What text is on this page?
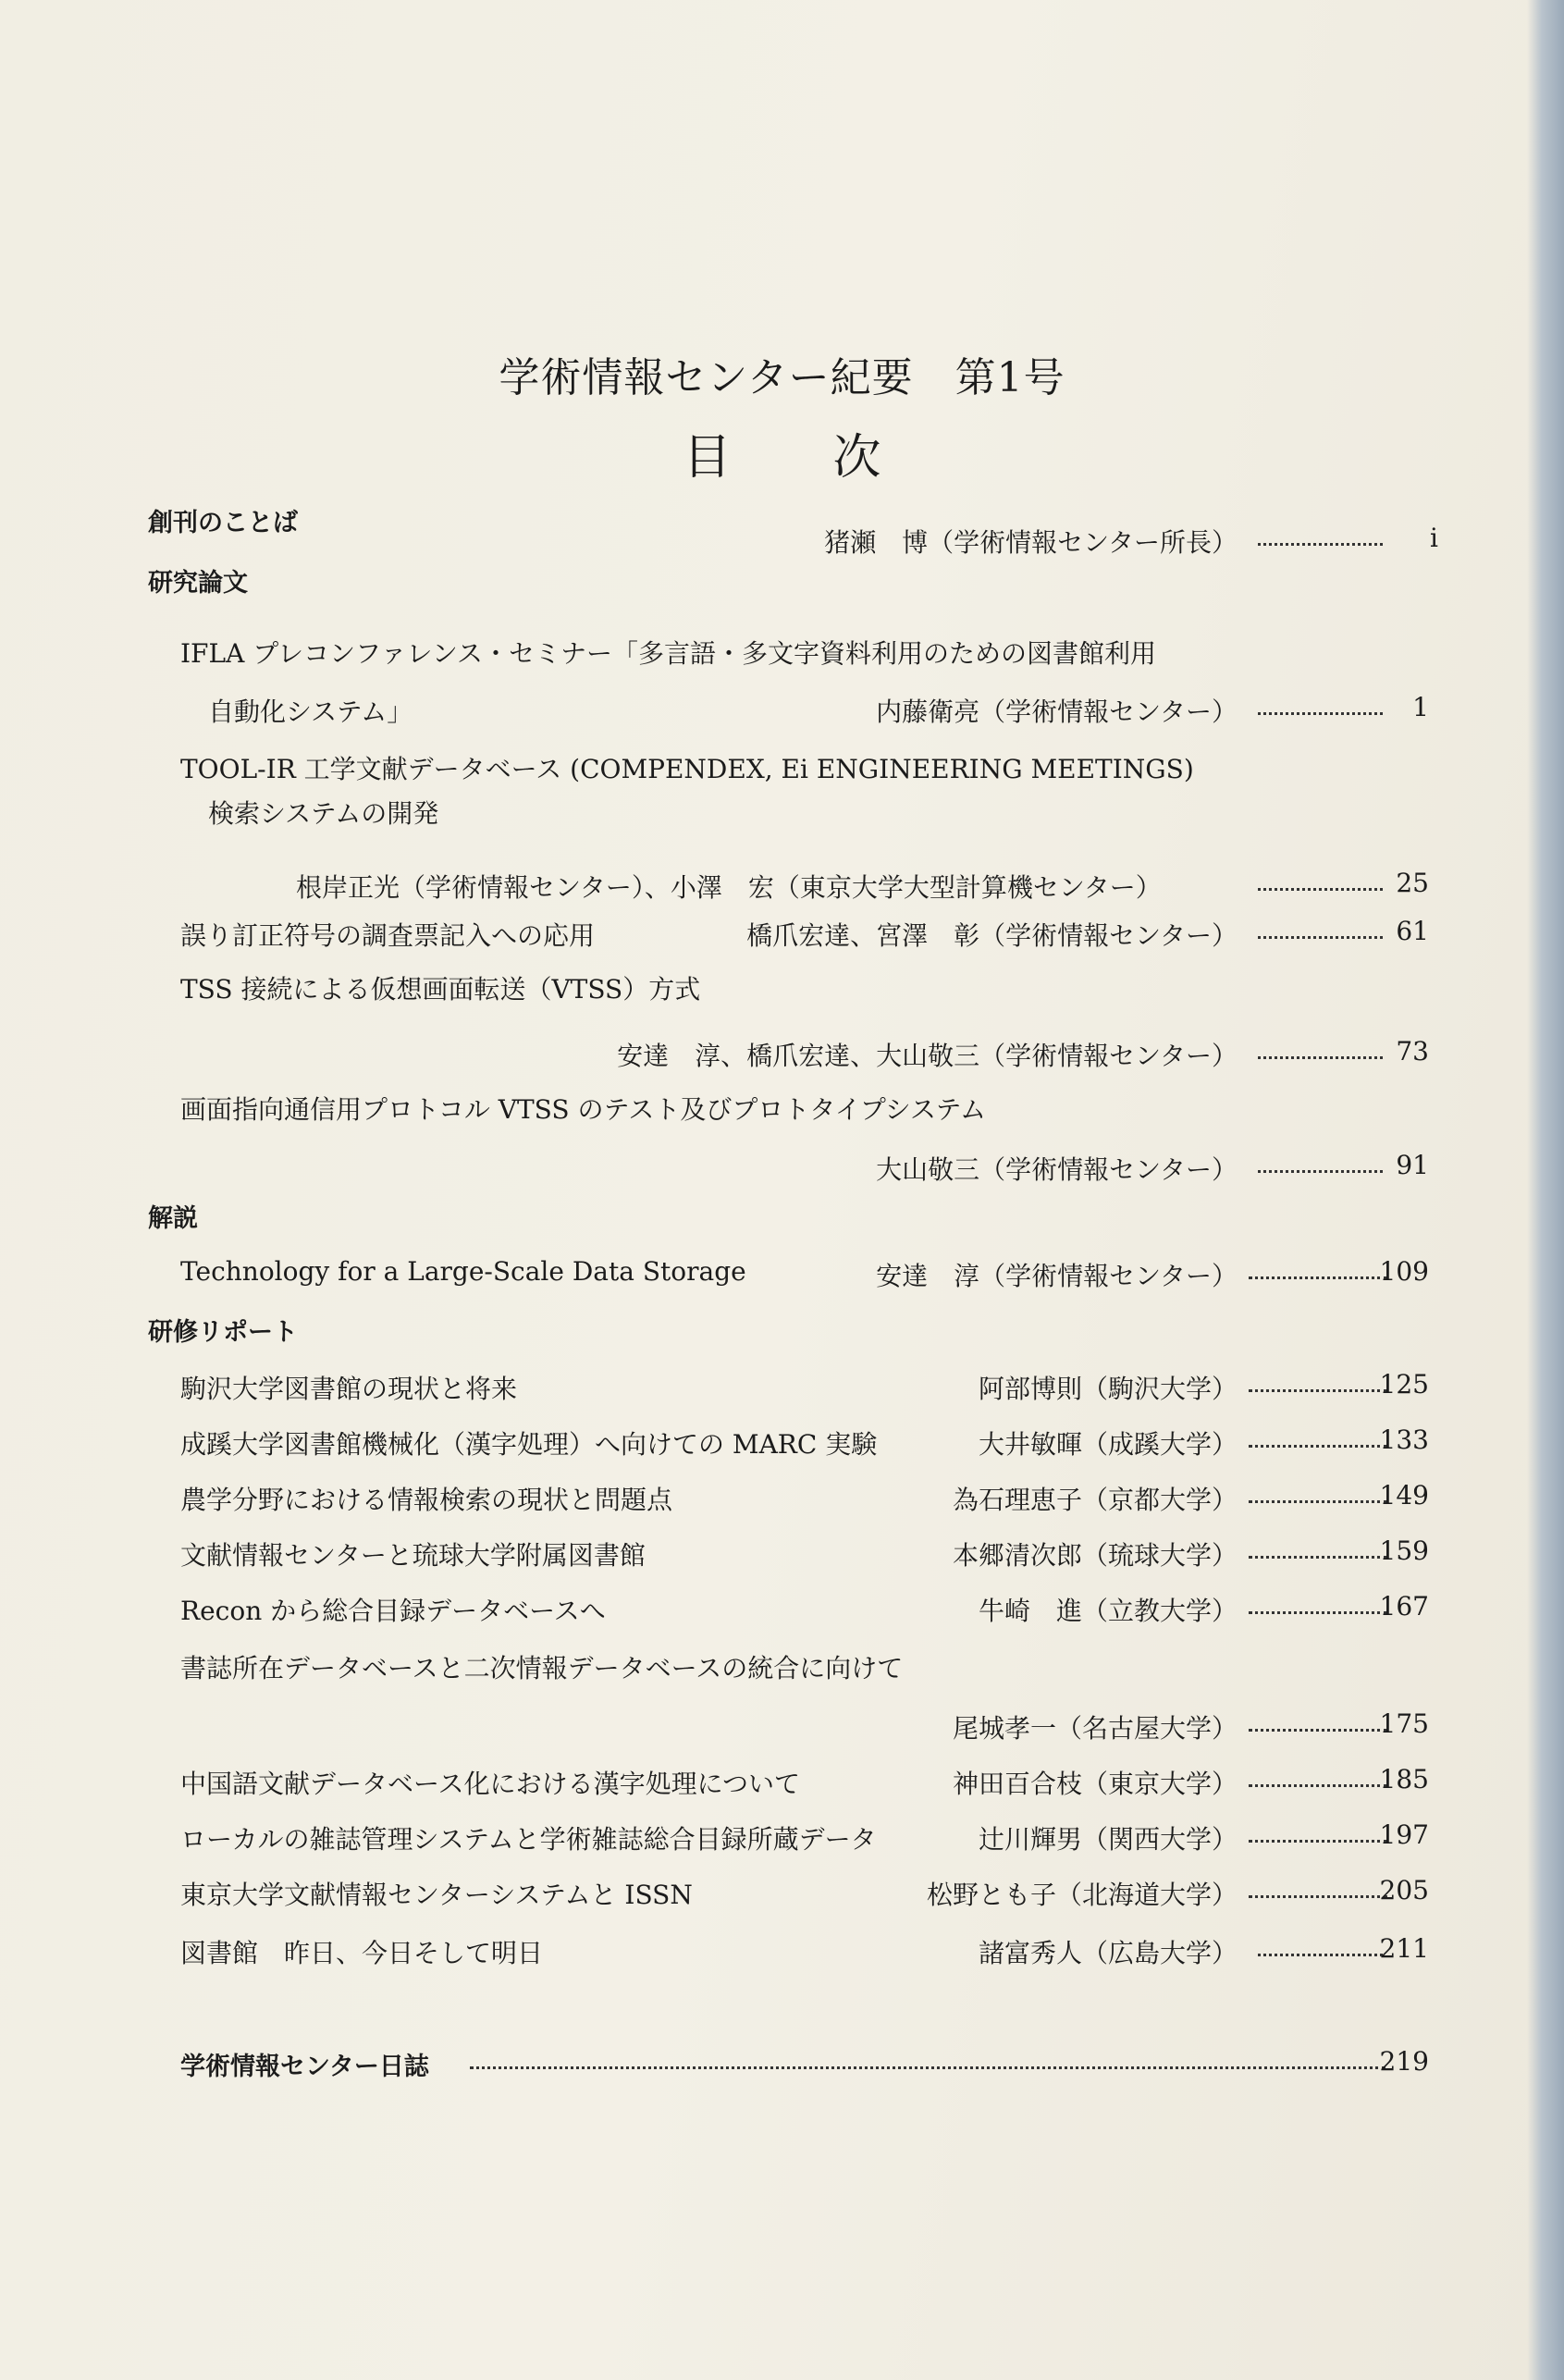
学術情報センター紀要　第1号
目 次
創刊のことば
猪瀬　博（学術情報センター所長）	i
研究論文
IFLA プレコンファレンス・セミナー「多言語・多文字資料利用のための図書館利用
自動化システム」	内藤衛亮（学術情報センター）	1
TOOL-IR 工学文献データベース (COMPENDEX, Ei ENGINEERING MEETINGS)
検索システムの開発
根岸正光（学術情報センター）、小澤　宏（東京大学大型計算機センター）	25
誤り訂正符号の調査票記入への応用	橋爪宏達、宮澤　彰（学術情報センター）	61
TSS 接続による仮想画面転送（VTSS）方式
安達　淳、橋爪宏達、大山敬三（学術情報センター）	73
画面指向通信用プロトコル VTSS のテスト及びプロトタイプシステム
大山敬三（学術情報センター）	91
解説
Technology for a Large-Scale Data Storage	安達　淳（学術情報センター）	109
研修リポート
駒沢大学図書館の現状と将来	阿部博則（駒沢大学）	125
成蹊大学図書館機械化（漢字処理）へ向けての MARC 実験	大井敏暉（成蹊大学）	133
農学分野における情報検索の現状と問題点	為石理恵子（京都大学）	149
文献情報センターと琉球大学附属図書館	本郷清次郎（琉球大学）	159
Recon から総合目録データベースへ	牛崎　進（立教大学）	167
書誌所在データベースと二次情報データベースの統合に向けて
尾城孝一（名古屋大学）	175
中国語文献データベース化における漢字処理について	神田百合枝（東京大学）	185
ローカルの雑誌管理システムと学術雑誌総合目録所蔵データ	辻川輝男（関西大学）	197
東京大学文献情報センターシステムと ISSN	松野とも子（北海道大学）	205
図書館　昨日、今日そして明日	諸富秀人（広島大学）	211
学術情報センター日誌	219
